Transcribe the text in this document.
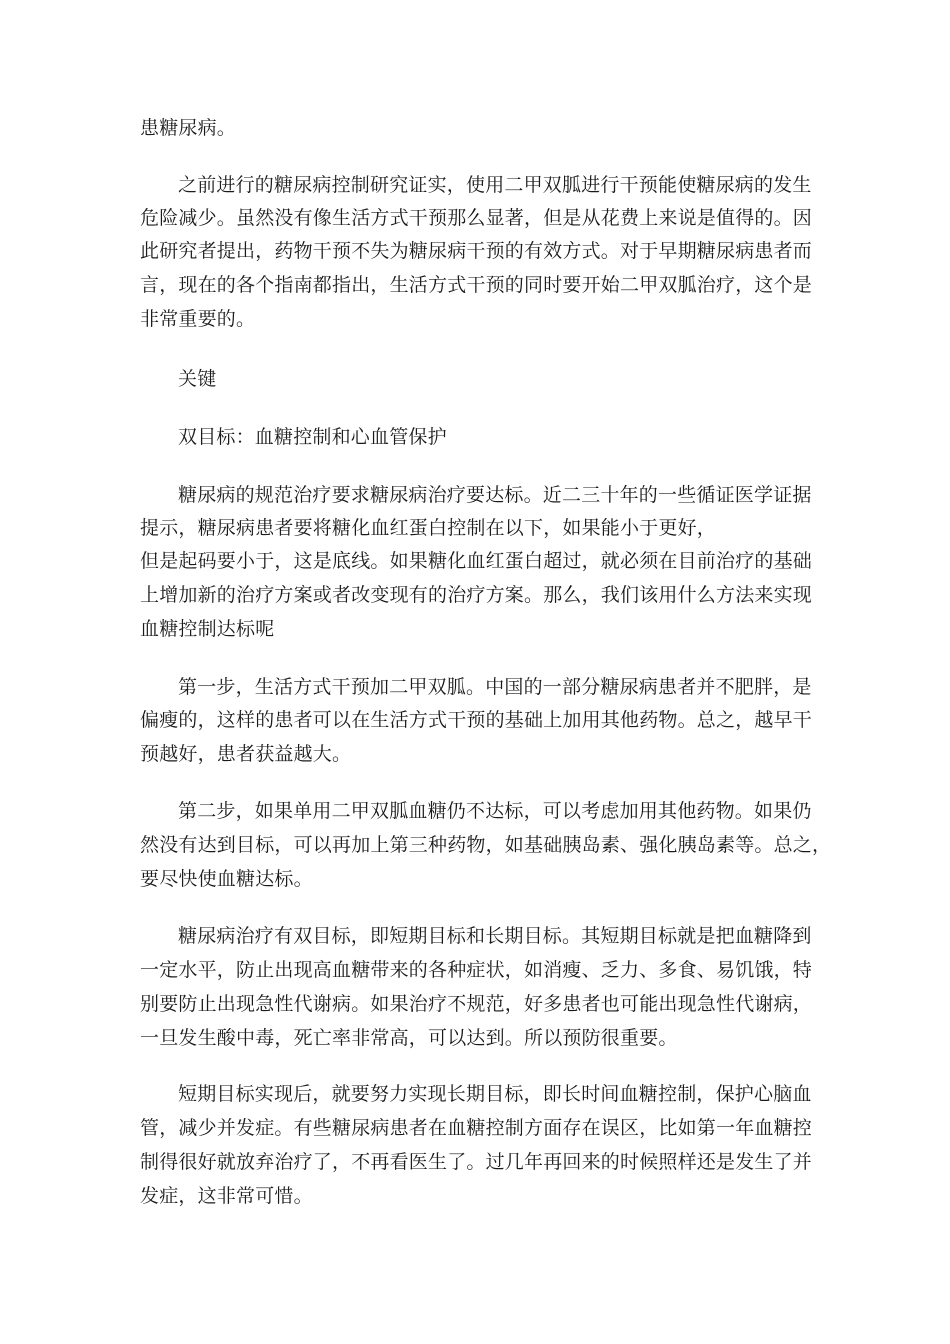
患糖尿病。
之前进行的糖尿病控制研究证实，使用二甲双胍进行干预能使糖尿病的发生
危险减少。虽然没有像生活方式干预那么显著，但是从花费上来说是值得的。因
此研究者提出，药物干预不失为糖尿病干预的有效方式。对于早期糖尿病患者而
言，现在的各个指南都指出，生活方式干预的同时要开始二甲双胍治疗，这个是
非常重要的。
关键
双目标：血糖控制和心血管保护
糖尿病的规范治疗要求糖尿病治疗要达标。近二三十年的一些循证医学证据
提示，糖尿病患者要将糖化血红蛋白控制在以下，如果能小于更好，
但是起码要小于，这是底线。如果糖化血红蛋白超过，就必须在目前治疗的基础
上增加新的治疗方案或者改变现有的治疗方案。那么，我们该用什么方法来实现
血糖控制达标呢
第一步，生活方式干预加二甲双胍。中国的一部分糖尿病患者并不肥胖，是
偏瘦的，这样的患者可以在生活方式干预的基础上加用其他药物。总之，越早干
预越好，患者获益越大。
第二步，如果单用二甲双胍血糖仍不达标，可以考虑加用其他药物。如果仍
然没有达到目标，可以再加上第三种药物，如基础胰岛素、强化胰岛素等。总之，
要尽快使血糖达标。
糖尿病治疗有双目标，即短期目标和长期目标。其短期目标就是把血糖降到
一定水平，防止出现高血糖带来的各种症状，如消瘦、乏力、多食、易饥饿，特
别要防止出现急性代谢病。如果治疗不规范，好多患者也可能出现急性代谢病，
一旦发生酸中毒，死亡率非常高，可以达到。所以预防很重要。
短期目标实现后，就要努力实现长期目标，即长时间血糖控制，保护心脑血
管，减少并发症。有些糖尿病患者在血糖控制方面存在误区，比如第一年血糖控
制得很好就放弃治疗了，不再看医生了。过几年再回来的时候照样还是发生了并
发症，这非常可惜。
